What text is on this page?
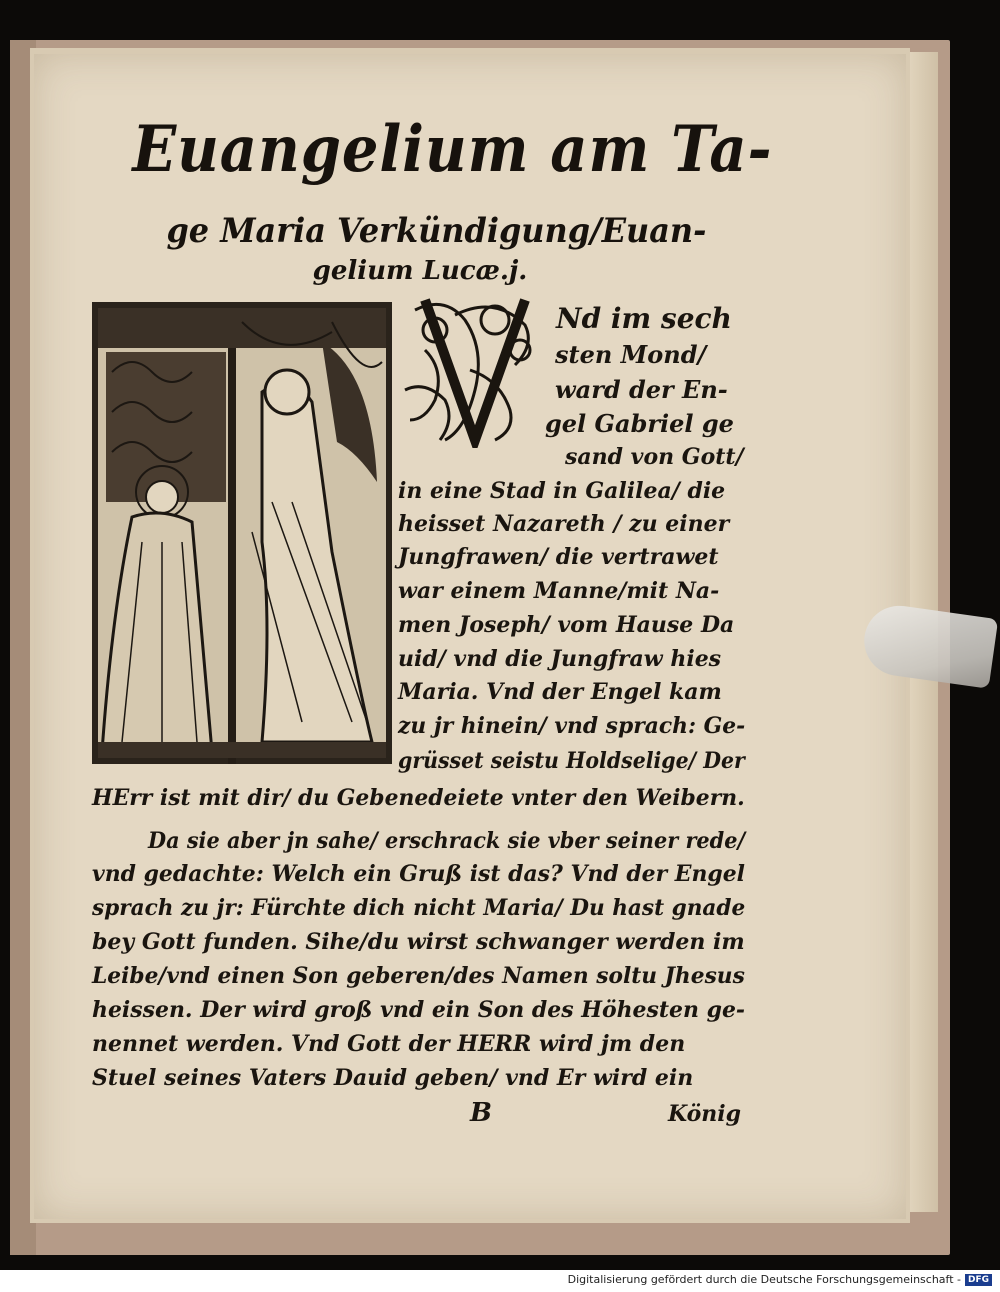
Euangelium am Ta-
ge Maria Verkündigung/Euan-
gelium Lucæ.j.
Nd im sech
sten Mond/
ward der En-
gel Gabriel ge
sand von Gott/
in eine Stad in Galilea/ die
heisset Nazareth / zu einer
Jungfrawen/ die vertrawet
war einem Manne/mit Na-
men Joseph/ vom Hause Da
uid/ vnd die Jungfraw hies
Maria. Vnd der Engel kam
zu jr hinein/ vnd sprach: Ge-
grüsset seistu Holdselige/ Der
HErr ist mit dir/ du Gebenedeiete vnter den Weibern.
Da sie aber jn sahe/ erschrack sie vber seiner rede/
vnd gedachte: Welch ein Gruß ist das? Vnd der Engel
sprach zu jr: Fürchte dich nicht Maria/ Du hast gnade
bey Gott funden. Sihe/du wirst schwanger werden im
Leibe/vnd einen Son geberen/des Namen soltu Jhesus
heissen. Der wird groß vnd ein Son des Höhesten ge-
nennet werden. Vnd Gott der HERR wird jm den
Stuel seines Vaters Dauid geben/ vnd Er wird ein
B	König
Digitalisierung gefördert durch die Deutsche Forschungsgemeinschaft - DFG
